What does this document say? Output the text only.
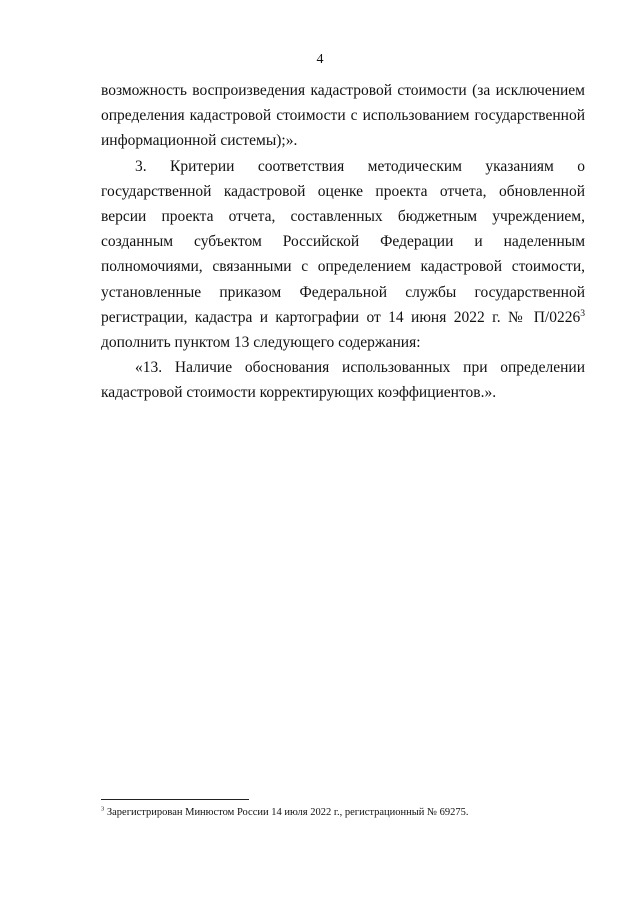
4

возможность воспроизведения кадастровой стоимости (за исключением определения кадастровой стоимости с использованием государственной информационной системы);».

3. Критерии соответствия методическим указаниям о государственной кадастровой оценке проекта отчета, обновленной версии проекта отчета, составленных бюджетным учреждением, созданным субъектом Российской Федерации и наделенным полномочиями, связанными с определением кадастровой стоимости, установленные приказом Федеральной службы государственной регистрации, кадастра и картографии от 14 июня 2022 г. № П/0226$^3$ дополнить пунктом 13 следующего содержания:

«13. Наличие обоснования использованных при определении

кадастровой стоимости корректирующих коэффициентов.».

$^3$ Зарегистрирован Минюстом России 14 июля 2022 г., регистрационный № 69275.
